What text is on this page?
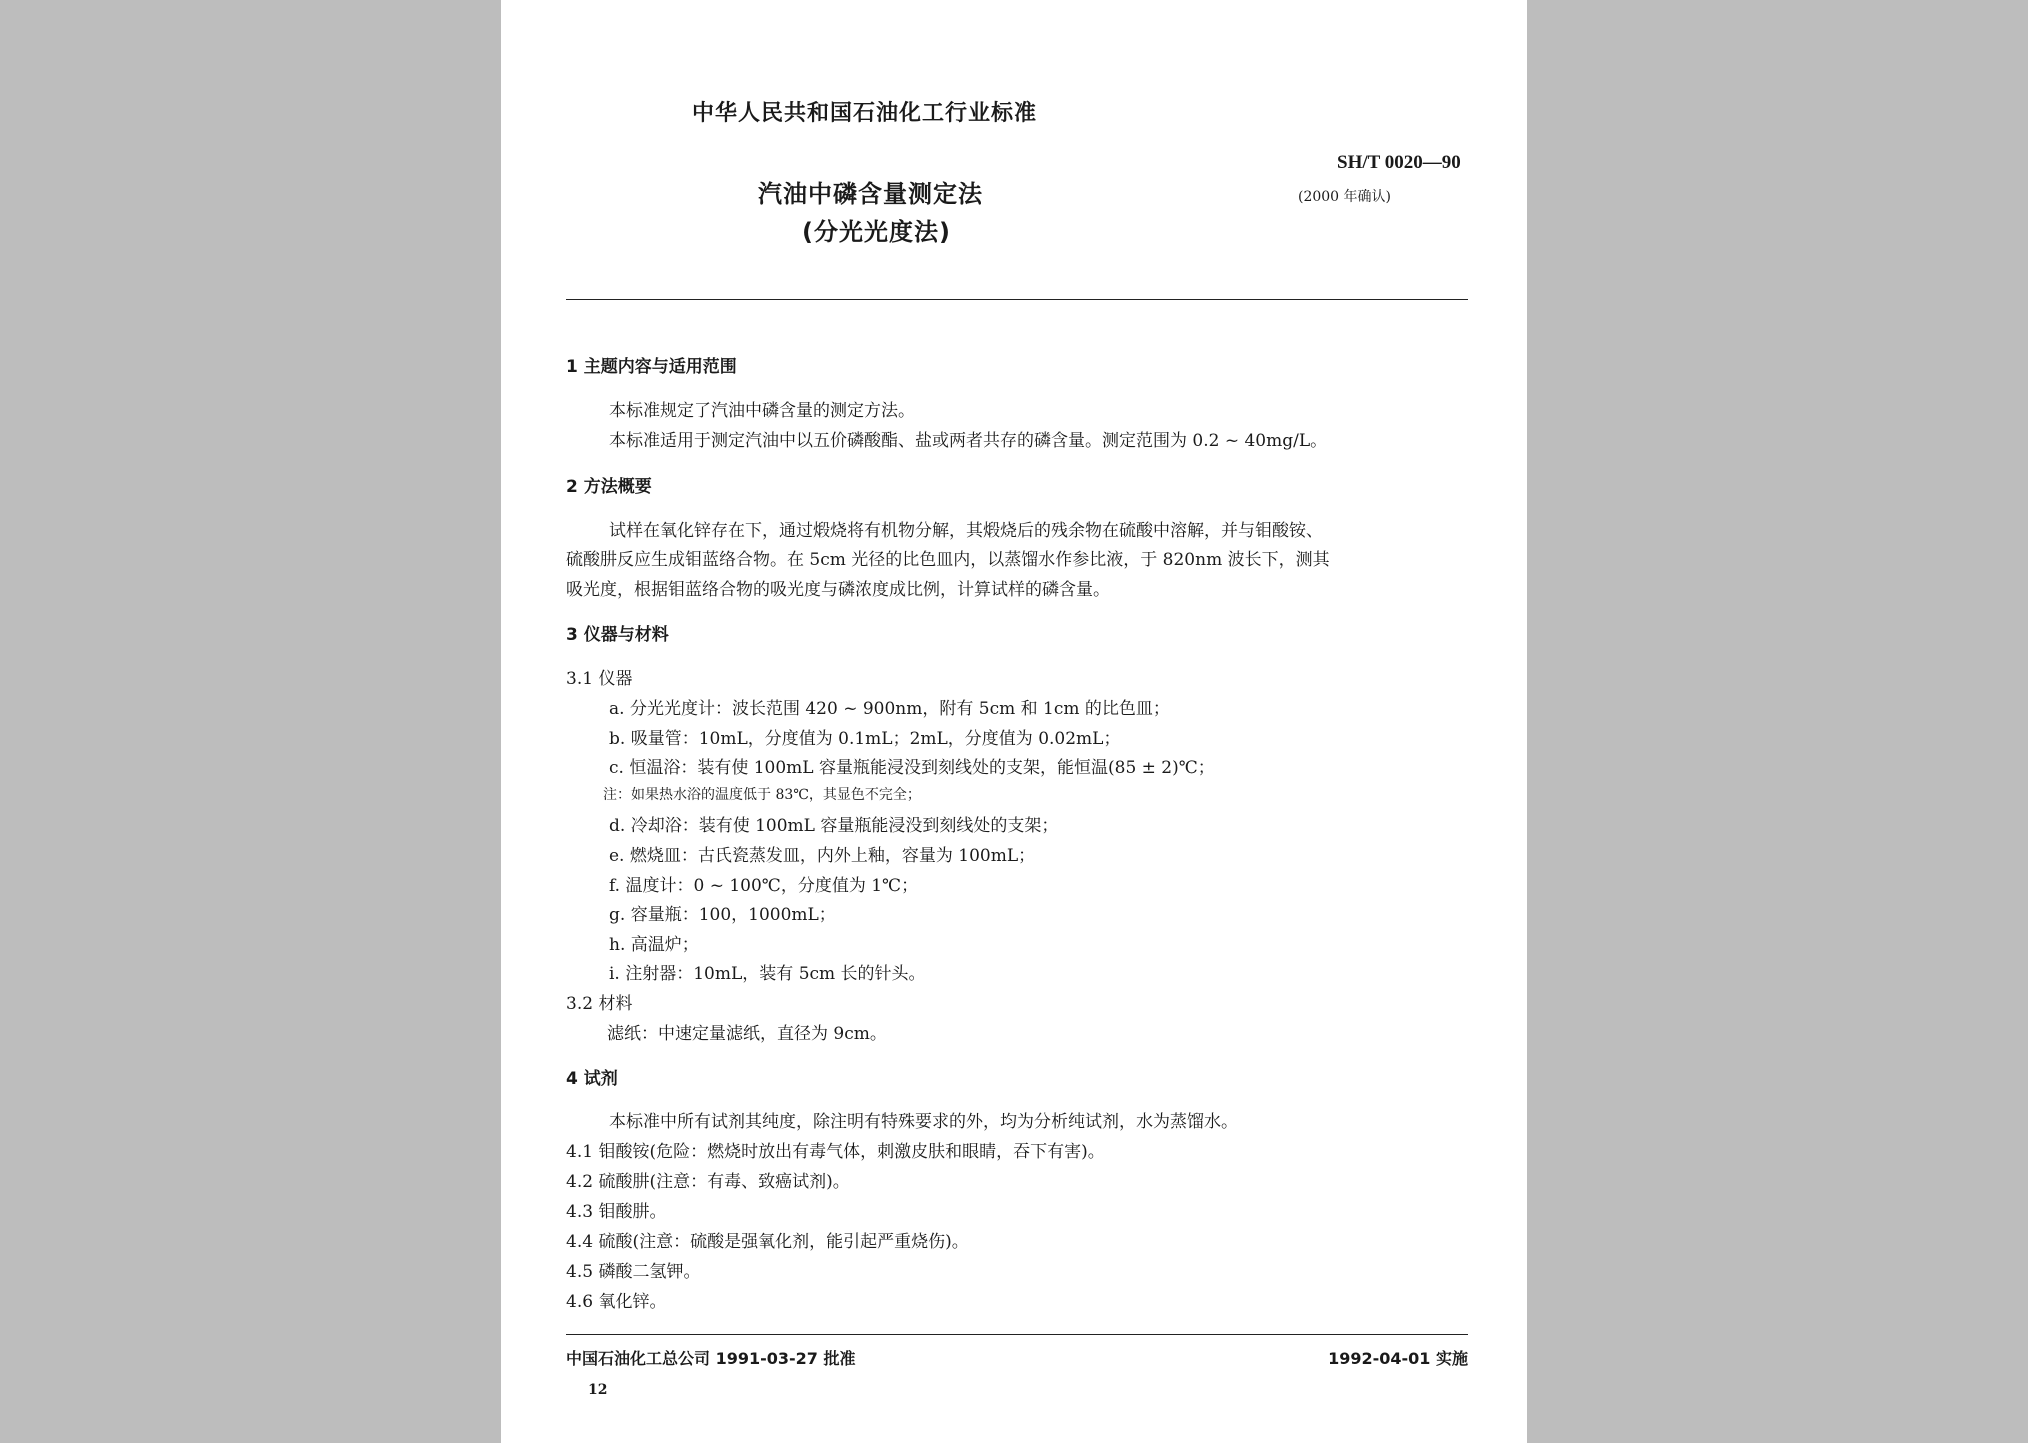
中华人民共和国石油化工行业标准
SH/T 0020—90
(2000 年确认)
汽油中磷含量测定法
(分光光度法)
1 主题内容与适用范围
本标准规定了汽油中磷含量的测定方法。
本标准适用于测定汽油中以五价磷酸酯、盐或两者共存的磷含量。测定范围为 0.2 ~ 40mg/L。
2 方法概要
试样在氧化锌存在下，通过煅烧将有机物分解，其煅烧后的残余物在硫酸中溶解，并与钼酸铵、
硫酸肼反应生成钼蓝络合物。在 5cm 光径的比色皿内，以蒸馏水作参比液，于 820nm 波长下，测其
吸光度，根据钼蓝络合物的吸光度与磷浓度成比例，计算试样的磷含量。
3 仪器与材料
3.1 仪器
a. 分光光度计：波长范围 420 ~ 900nm，附有 5cm 和 1cm 的比色皿；
b. 吸量管：10mL，分度值为 0.1mL；2mL，分度值为 0.02mL；
c. 恒温浴：装有使 100mL 容量瓶能浸没到刻线处的支架，能恒温(85 ± 2)℃；
注：如果热水浴的温度低于 83℃，其显色不完全；
d. 冷却浴：装有使 100mL 容量瓶能浸没到刻线处的支架；
e. 燃烧皿：古氏瓷蒸发皿，内外上釉，容量为 100mL；
f. 温度计：0 ~ 100℃，分度值为 1℃；
g. 容量瓶：100，1000mL；
h. 高温炉；
i. 注射器：10mL，装有 5cm 长的针头。
3.2 材料
滤纸：中速定量滤纸，直径为 9cm。
4 试剂
本标准中所有试剂其纯度，除注明有特殊要求的外，均为分析纯试剂，水为蒸馏水。
4.1 钼酸铵(危险：燃烧时放出有毒气体，刺激皮肤和眼睛，吞下有害)。
4.2 硫酸肼(注意：有毒、致癌试剂)。
4.3 钼酸肼。
4.4 硫酸(注意：硫酸是强氧化剂，能引起严重烧伤)。
4.5 磷酸二氢钾。
4.6 氧化锌。
中国石油化工总公司 1991-03-27 批准	1992-04-01 实施
12
